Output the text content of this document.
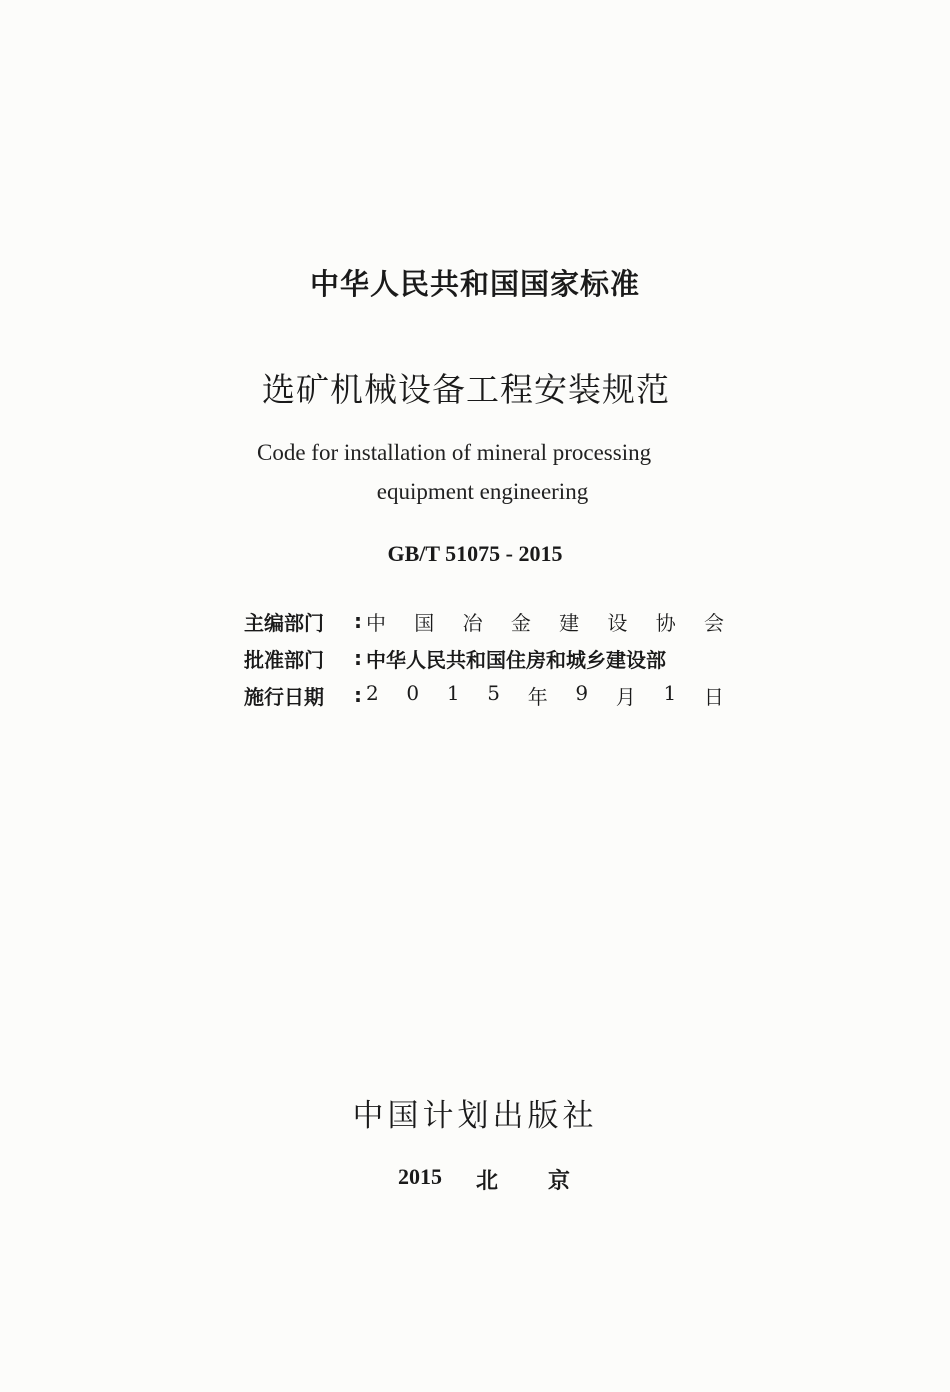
中华人民共和国国家标准
选矿机械设备工程安装规范
Code for installation of mineral processing
equipment engineering
GB/T 51075 - 2015
主编部门	: 中 国 冶 金 建 设 协 会
批准部门	: 中华人民共和国住房和城乡建设部
施行日期	: 2 0 1 5 年 9 月 1 日
中国计划出版社
2015	北	京
